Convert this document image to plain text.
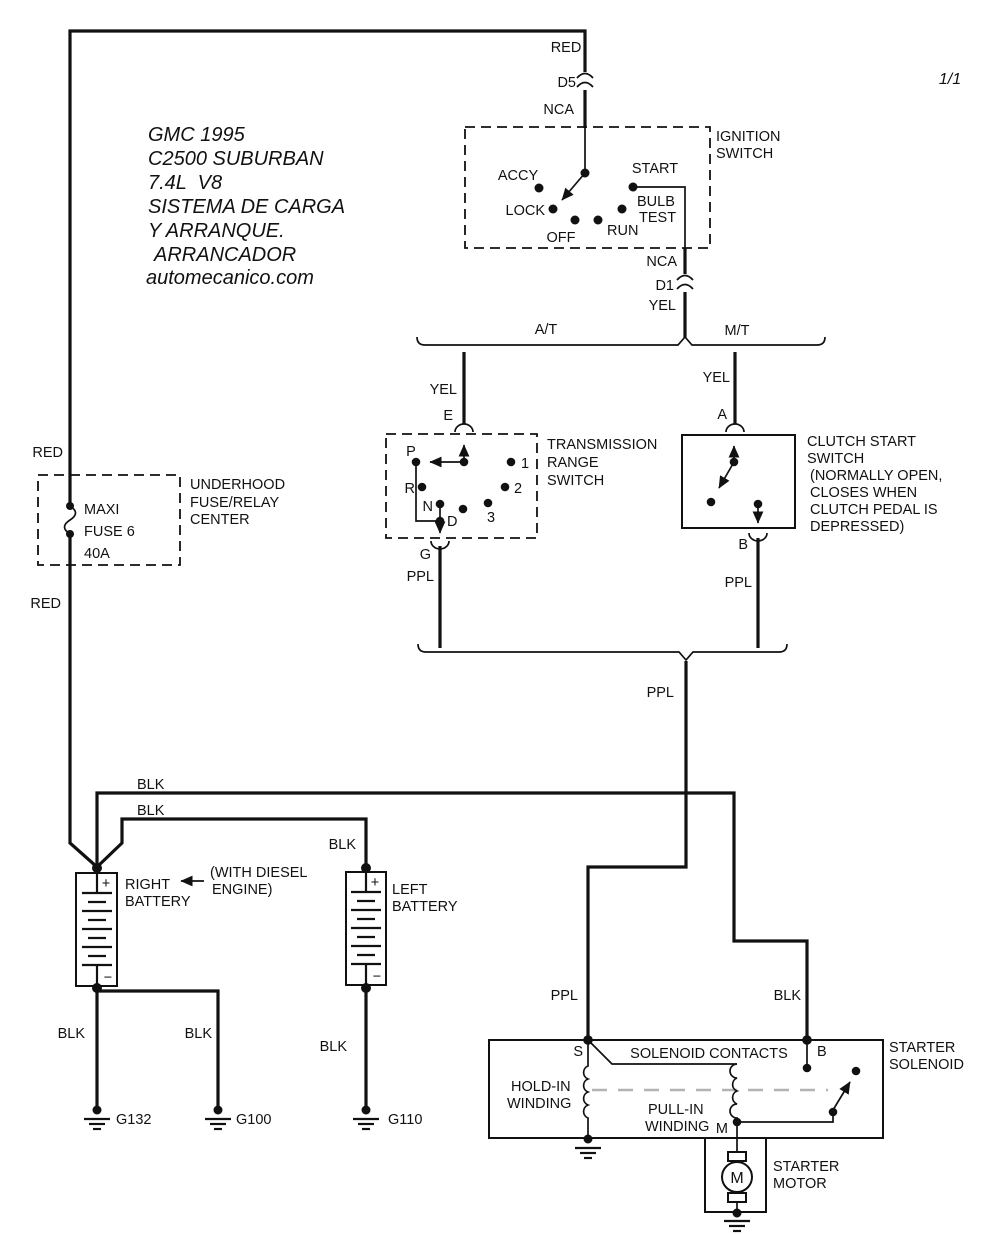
RED
D5
NCA
GMC 1995
C2500 SUBURBAN
7.4L  V8
SISTEMA DE CARGA
Y ARRANQUE.
ARRANCADOR
automecanico.com
1/1
IGNITION
SWITCH
ACCY
LOCK
OFF RUN
BULB
TEST
START
NCA
D1
YEL
A/T	M/T
YEL
E
YEL
A
TRANSMISSION
RANGE
SWITCH
P
R
N
D
1
2
3
G
PPL
CLUTCH START
SWITCH
(NORMALLY OPEN,
CLOSES WHEN
CLUTCH PEDAL IS
DEPRESSED)
B
PPL
PPL
RED
MAXI
FUSE 6
40A
UNDERHOOD
FUSE/RELAY
CENTER
RED
BLK
BLK
BLK
+
−
RIGHT
BATTERY
(WITH DIESEL
ENGINE)	+
−
LEFT
BATTERY
BLK	BLK
BLK
G132	G100	G110
PPL	BLK
S	B
SOLENOID CONTACTS
HOLD-IN
WINDING	PULL-IN
WINDING M
STARTER
SOLENOID
M
STARTER
MOTOR
